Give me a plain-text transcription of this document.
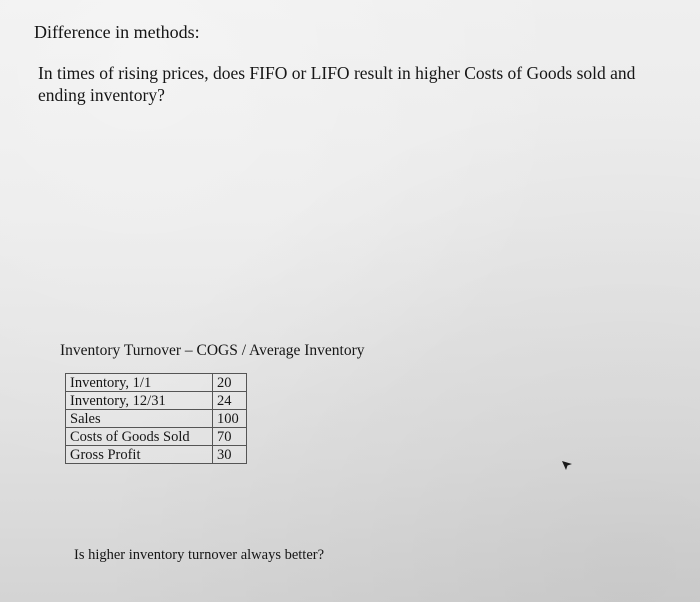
Difference in methods:

In times of rising prices, does FIFO or LIFO result in higher Costs of Goods sold and ending inventory?

Inventory Turnover – COGS / Average Inventory

Inventory, 1/1	20
Inventory, 12/31	24
Sales	100
Costs of Goods Sold	70
Gross Profit	30

Is higher inventory turnover always better?
